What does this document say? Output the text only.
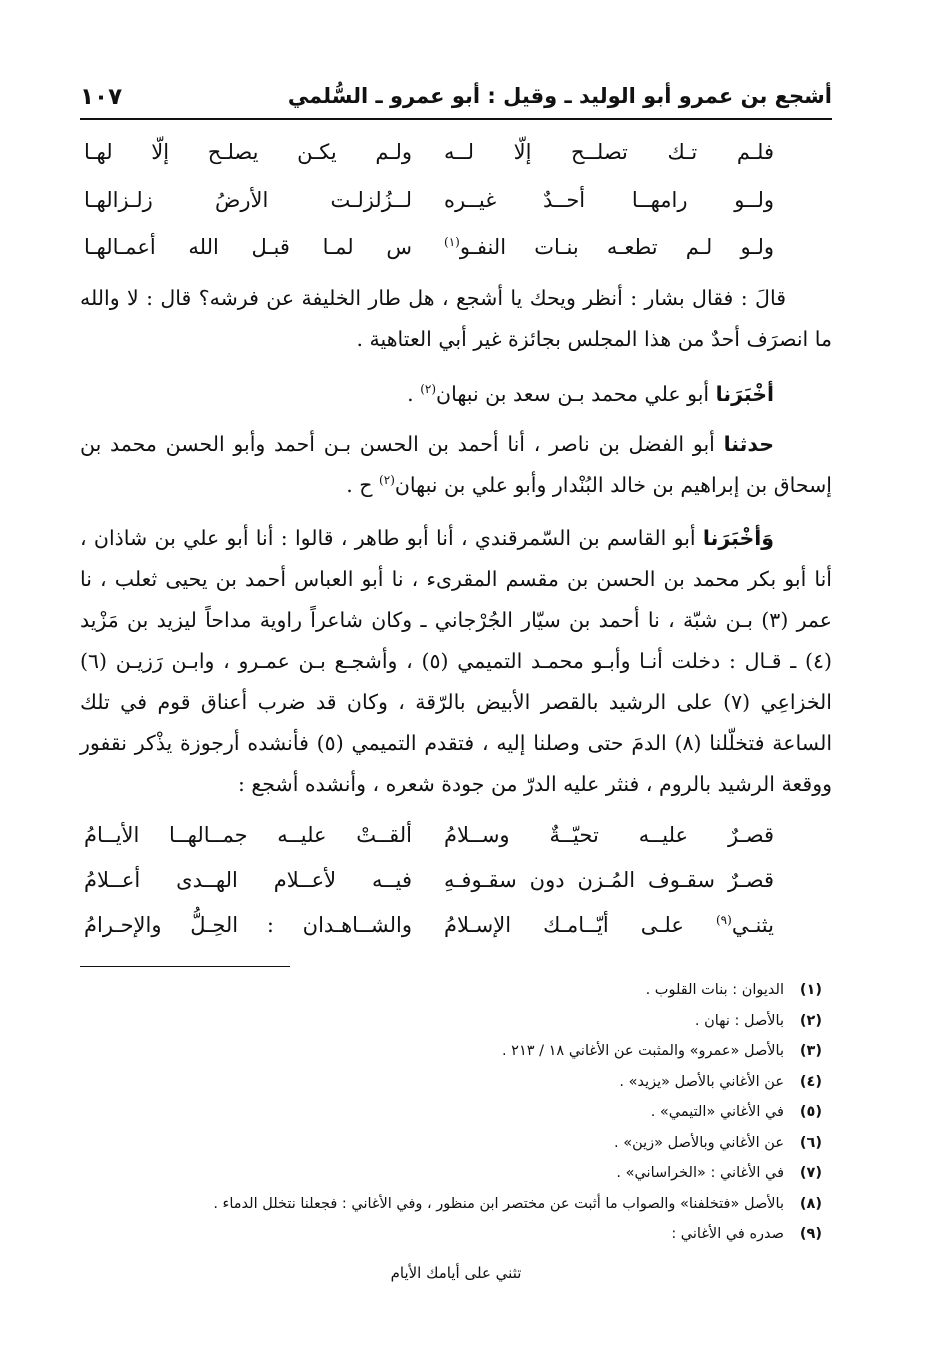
أشجع بن عمرو أبو الوليد ـ وقيل : أبو عمرو ـ السُّلمي
١٠٧
فلـم تـك تصلــح إلّا لــه
ولـم يكـن يصلـح إلّا لهـا
ولــو رامهــا أحــدٌ غيــره
لــزُلزلـت الأرضُ زلـزالهـا
ولـو لـم تطعـه بنـات النفـو$^{(١)}$
س لمـا قبـل الله أعمـالهـا
قالَ : فقال بشار : أنظر ويحك يا أشجع ، هل طار الخليفة عن فرشه؟ قال : لا والله ما انصرَف أحدٌ من هذا المجلس بجائزة غير أبي العتاهية .
أخْبَرَنا أبو علي محمد بـن سعد بن نبهان$^{(٢)}$ .
حدثنا أبو الفضل بن ناصر ، أنا أحمد بن الحسن بـن أحمد وأبو الحسن محمد بن إسحاق بن إبراهيم بن خالد البُنْدار وأبو علي بن نبهان$^{(٢)}$ ح .
وَأخْبَرَنا أبو القاسم بن السّمرقندي ، أنا أبو طاهر ، قالوا : أنا أبو علي بن شاذان ، أنا أبو بكر محمد بن الحسن بن مقسم المقرىء ، نا أبو العباس أحمد بن يحيى ثعلب ، نا عمر (٣) بـن شبّة ، نا أحمد بن سيّار الجُرْجاني ـ وكان شاعراً راوية مداحاً ليزيد بن مَزْيد (٤) ـ قـال : دخلت أنـا وأبـو محمـد التميمي (٥) ، وأشجـع بـن عمـرو ، وابـن رَزيـن (٦) الخزاعِي (٧) على الرشيد بالقصر الأبيض بالرّقة ، وكان قد ضرب أعناق قوم في تلك الساعة فتخلّلنا (٨) الدمَ حتى وصلنا إليه ، فتقدم التميمي (٥) فأنشده أرجوزة يذْكر نقفور ووقعة الرشيد بالروم ، فنثر عليه الدرّ من جودة شعره ، وأنشده أشجع :
قصـرٌ عليــه تحيّــةٌ وســلامُ
ألقــتْ عليــه جمــالهــا الأيــامُ
قصـرٌ سقـوف المُـزن دون سقـوفـهِ
فيــه لأعــلام الهــدى أعــلامُ
يثنـي$^{(٩)}$ علـى أيّــامـك الإسـلامُ
والشــاهـدان : الحِـلُّ والإحـرامُ
(١)الديوان : بنات القلوب .
(٢)بالأصل : نهان .
(٣)بالأصل «عمرو» والمثبت عن الأغاني ١٨ / ٢١٣ .
(٤)عن الأغاني بالأصل «يزيد» .
(٥)في الأغاني «التيمي» .
(٦)عن الأغاني وبالأصل «زين» .
(٧)في الأغاني : «الخراساني» .
(٨)بالأصل «فتخلفنا» والصواب ما أثبت عن مختصر ابن منظور ، وفي الأغاني : فجعلنا نتخلل الدماء .
(٩)صدره في الأغاني :
تثني على أيامك الأيام
